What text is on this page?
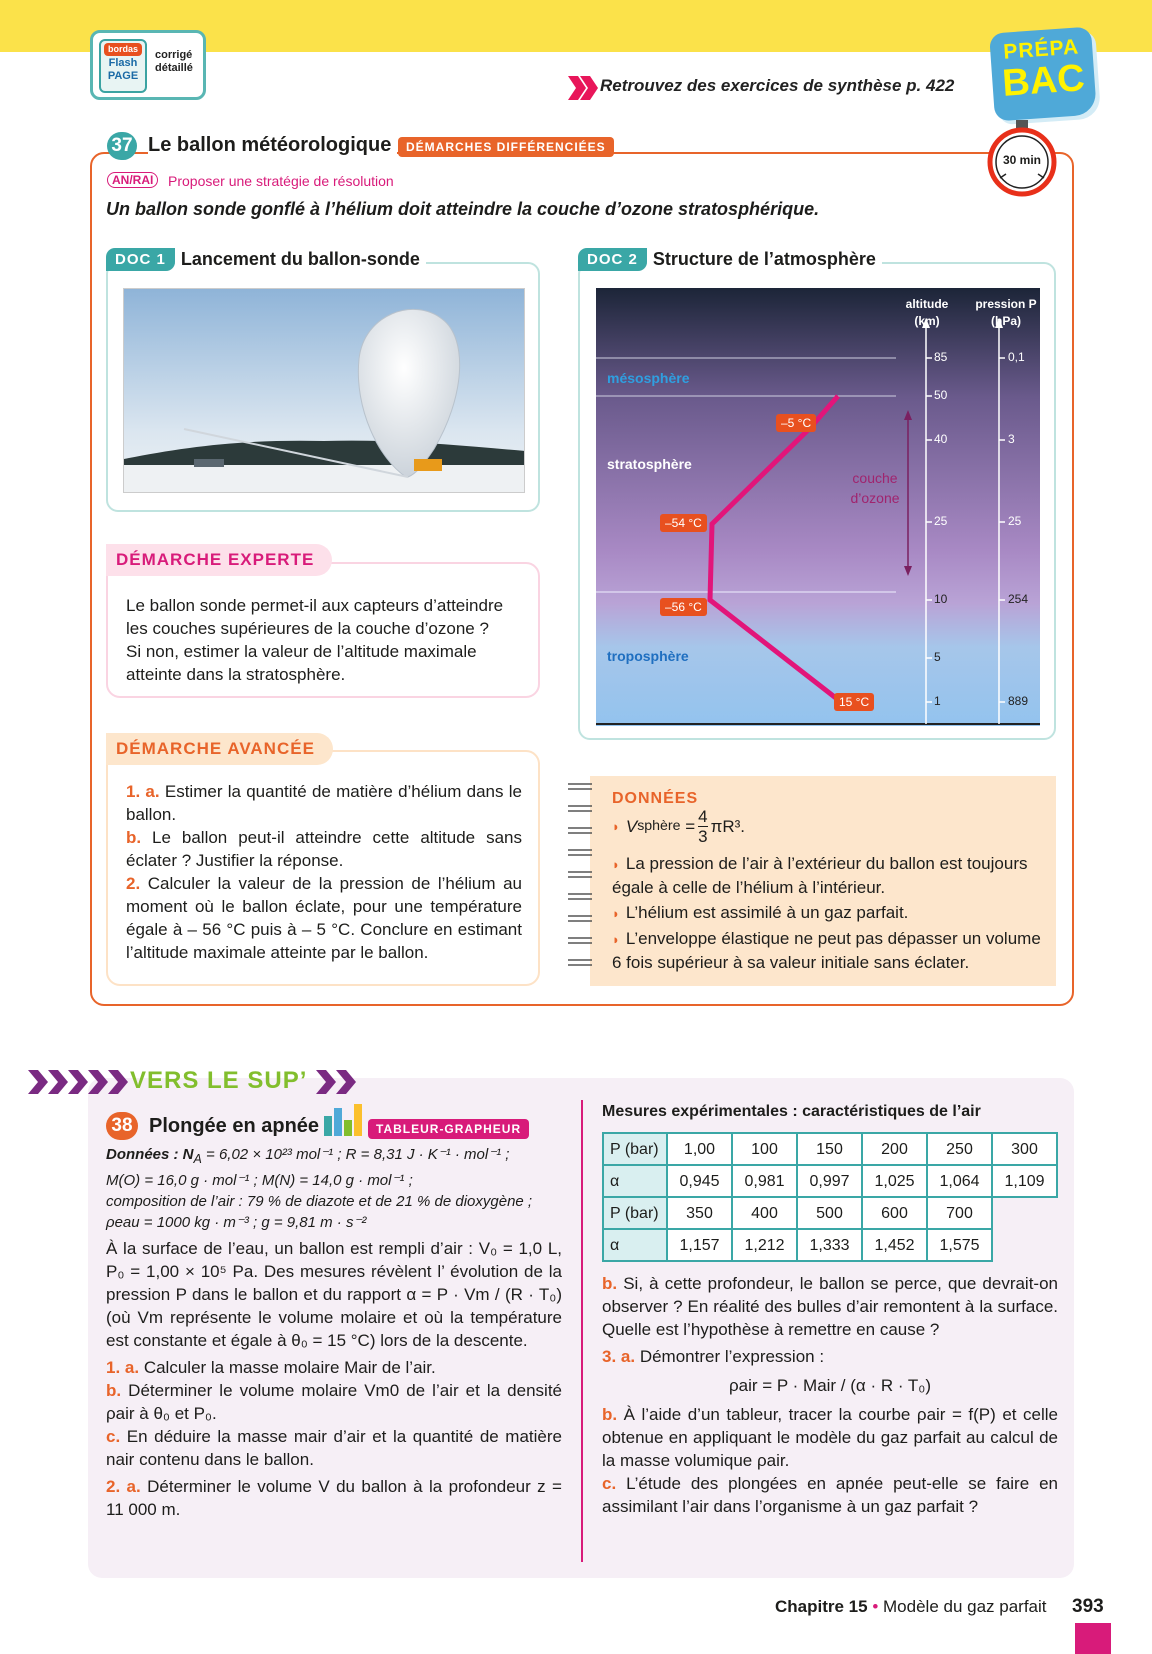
bordas
Flash
PAGE
corrigé
détaillé
Retrouvez des exercices de synthèse p. 422
PRÉPA
BAC
37 Le ballon météorologique	DÉMARCHES DIFFÉRENCIÉES
30 min
AN/RAI	Proposer une stratégie de résolution
Un ballon sonde gonflé à l’hélium doit atteindre la couche d’ozone stratosphérique.
DOC 1 Lancement du ballon-sonde
DÉMARCHE EXPERTE
Le ballon sonde permet-il aux capteurs d’atteindre les couches supérieures de la couche d’ozone ?
Si non, estimer la valeur de l’altitude maximale atteinte dans la stratosphère.
DÉMARCHE AVANCÉE
1. a. Estimer la quantité de matière d’hélium dans le ballon.
b. Le ballon peut-il atteindre cette altitude sans éclater ? Justifier la réponse.
2. Calculer la valeur de la pression de l’hélium au moment où le ballon éclate, pour une température égale à – 56 °C puis à – 5 °C. Conclure en estimant l’altitude maximale atteinte par le ballon.
DOC 2 Structure de l’atmosphère
altitude
(km)
pression P
(hPa)
85
50
40
25
10
5
1
0,1
3
25
254
889
mésosphère
stratosphère
troposphère
couche
d’ozone
–5 °C
–54 °C
–56 °C
15 °C
DONNÉES
◗ V sphère = $\frac{4}{3} \pi R^3$.
◗ La pression de l’air à l’extérieur du ballon est toujours égale à celle de l’hélium à l’intérieur.
◗ L’hélium est assimilé à un gaz parfait.
◗ L’enveloppe élastique ne peut pas dépasser un volume 6 fois supérieur à sa valeur initiale sans éclater.
VERS LE SUP’
38 Plongée en apnée	TABLEUR-GRAPHEUR
Données : $N_A = 6,02 \times 10^{23}$ mol⁻¹ ; R = 8,31 J · K⁻¹ · mol⁻¹ ;
M(O) = 16,0 g · mol⁻¹ ; M(N) = 14,0 g · mol⁻¹ ;
composition de l’air : 79 % de diazote et de 21 % de dioxygène ;
ρeau = 1000 kg · m⁻³ ; g = 9,81 m · s⁻²
À la surface de l’eau, un ballon est rempli d’air : V₀ = 1,0 L, P₀ = 1,00 × 10⁵ Pa. Des mesures révèlent l’ évolution de la pression P dans le ballon et du rapport α = P · Vm / (R · T₀) (où Vm représente le volume molaire et où la température est constante et égale à θ₀ = 15 °C) lors de la descente.
1. a. Calculer la masse molaire Mair de l’air.
b. Déterminer le volume molaire Vm0 de l’air et la densité ρair à θ₀ et P₀.
c. En déduire la masse mair d’air et la quantité de matière nair contenu dans le ballon.
2. a. Déterminer le volume V du ballon à la profondeur z = 11 000 m.
Mesures expérimentales : caractéristiques de l’air
P (bar)	1,00	100	150	200	250	300
α	0,945	0,981	0,997	1,025	1,064	1,109
P (bar)	350	400	500	600	700	
α	1,157	1,212	1,333	1,452	1,575	
b. Si, à cette profondeur, le ballon se perce, que devrait-on observer ? En réalité des bulles d’air remontent à la surface. Quelle est l’hypothèse à remettre en cause ?
3. a. Démontrer l’expression :
ρair = P · Mair / (α · R · T₀)
b. À l’aide d’un tableur, tracer la courbe ρair = f(P) et celle obtenue en appliquant le modèle du gaz parfait au calcul de la masse volumique ρair.
c. L’étude des plongées en apnée peut-elle se faire en assimilant l’air dans l’organisme à un gaz parfait ?
Chapitre 15 • Modèle du gaz parfait 393
